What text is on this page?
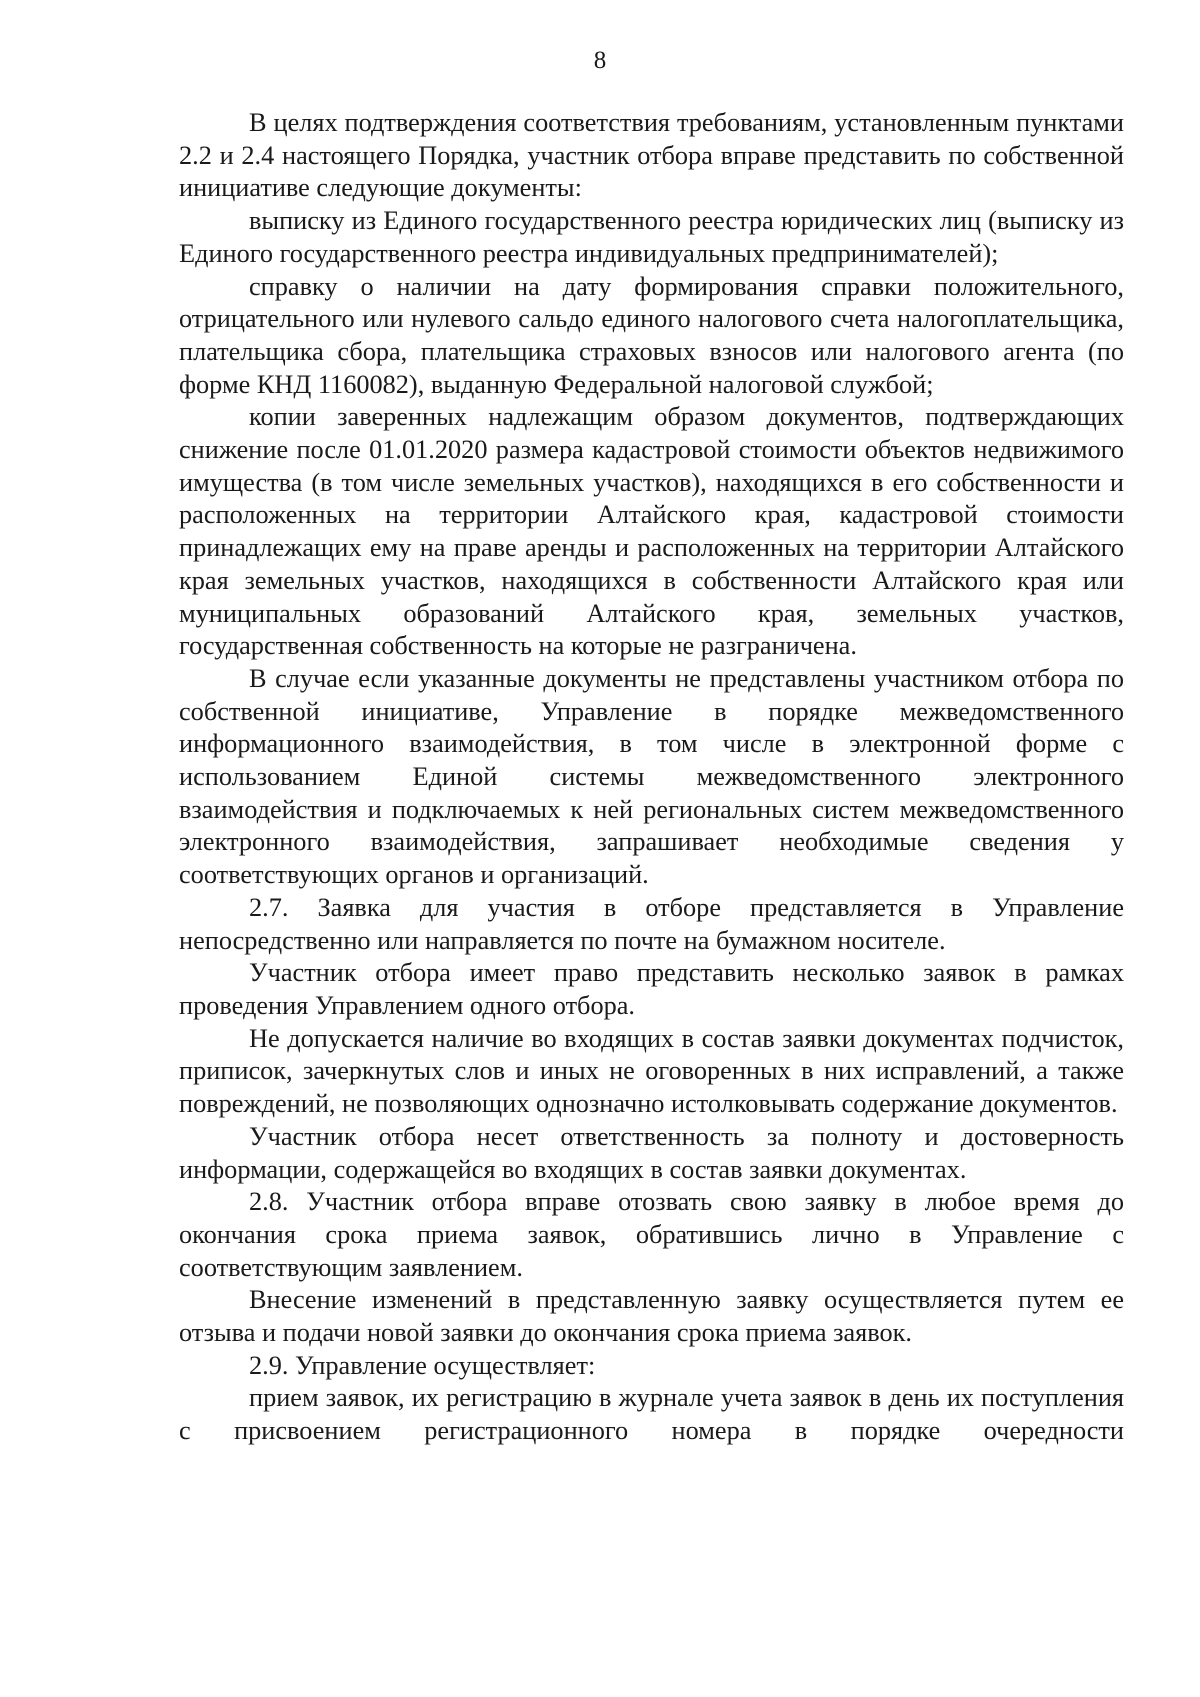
8

В целях подтверждения соответствия требованиям, установленным пунктами 2.2 и 2.4 настоящего Порядка, участник отбора вправе представить по собственной инициативе следующие документы:

выписку из Единого государственного реестра юридических лиц (выписку из Единого государственного реестра индивидуальных предпринимателей);

справку о наличии на дату формирования справки положительного, отрицательного или нулевого сальдо единого налогового счета налогоплательщика, плательщика сбора, плательщика страховых взносов или налогового агента (по форме КНД 1160082), выданную Федеральной налоговой службой;

копии заверенных надлежащим образом документов, подтверждающих снижение после 01.01.2020 размера кадастровой стоимости объектов недвижимого имущества (в том числе земельных участков), находящихся в его собственности и расположенных на территории Алтайского края, кадастровой стоимости принадлежащих ему на праве аренды и расположенных на территории Алтайского края земельных участков, находящихся в собственности Алтайского края или муниципальных образований Алтайского края, земельных участков, государственная собственность на которые не разграничена.

В случае если указанные документы не представлены участником отбора по собственной инициативе, Управление в порядке межведомственного информационного взаимодействия, в том числе в электронной форме с использованием Единой системы межведомственного электронного взаимодействия и подключаемых к ней региональных систем межведомственного электронного взаимодействия, запрашивает необходимые сведения у соответствующих органов и организаций.

2.7. Заявка для участия в отборе представляется в Управление непосредственно или направляется по почте на бумажном носителе.

Участник отбора имеет право представить несколько заявок в рамках проведения Управлением одного отбора.

Не допускается наличие во входящих в состав заявки документах подчисток, приписок, зачеркнутых слов и иных не оговоренных в них исправлений, а также повреждений, не позволяющих однозначно истолковывать содержание документов.

Участник отбора несет ответственность за полноту и достоверность информации, содержащейся во входящих в состав заявки документах.

2.8. Участник отбора вправе отозвать свою заявку в любое время до окончания срока приема заявок, обратившись лично в Управление с соответствующим заявлением.

Внесение изменений в представленную заявку осуществляется путем ее отзыва и подачи новой заявки до окончания срока приема заявок.

2.9. Управление осуществляет:

прием заявок, их регистрацию в журнале учета заявок в день их поступления с присвоением регистрационного номера в порядке очередности
